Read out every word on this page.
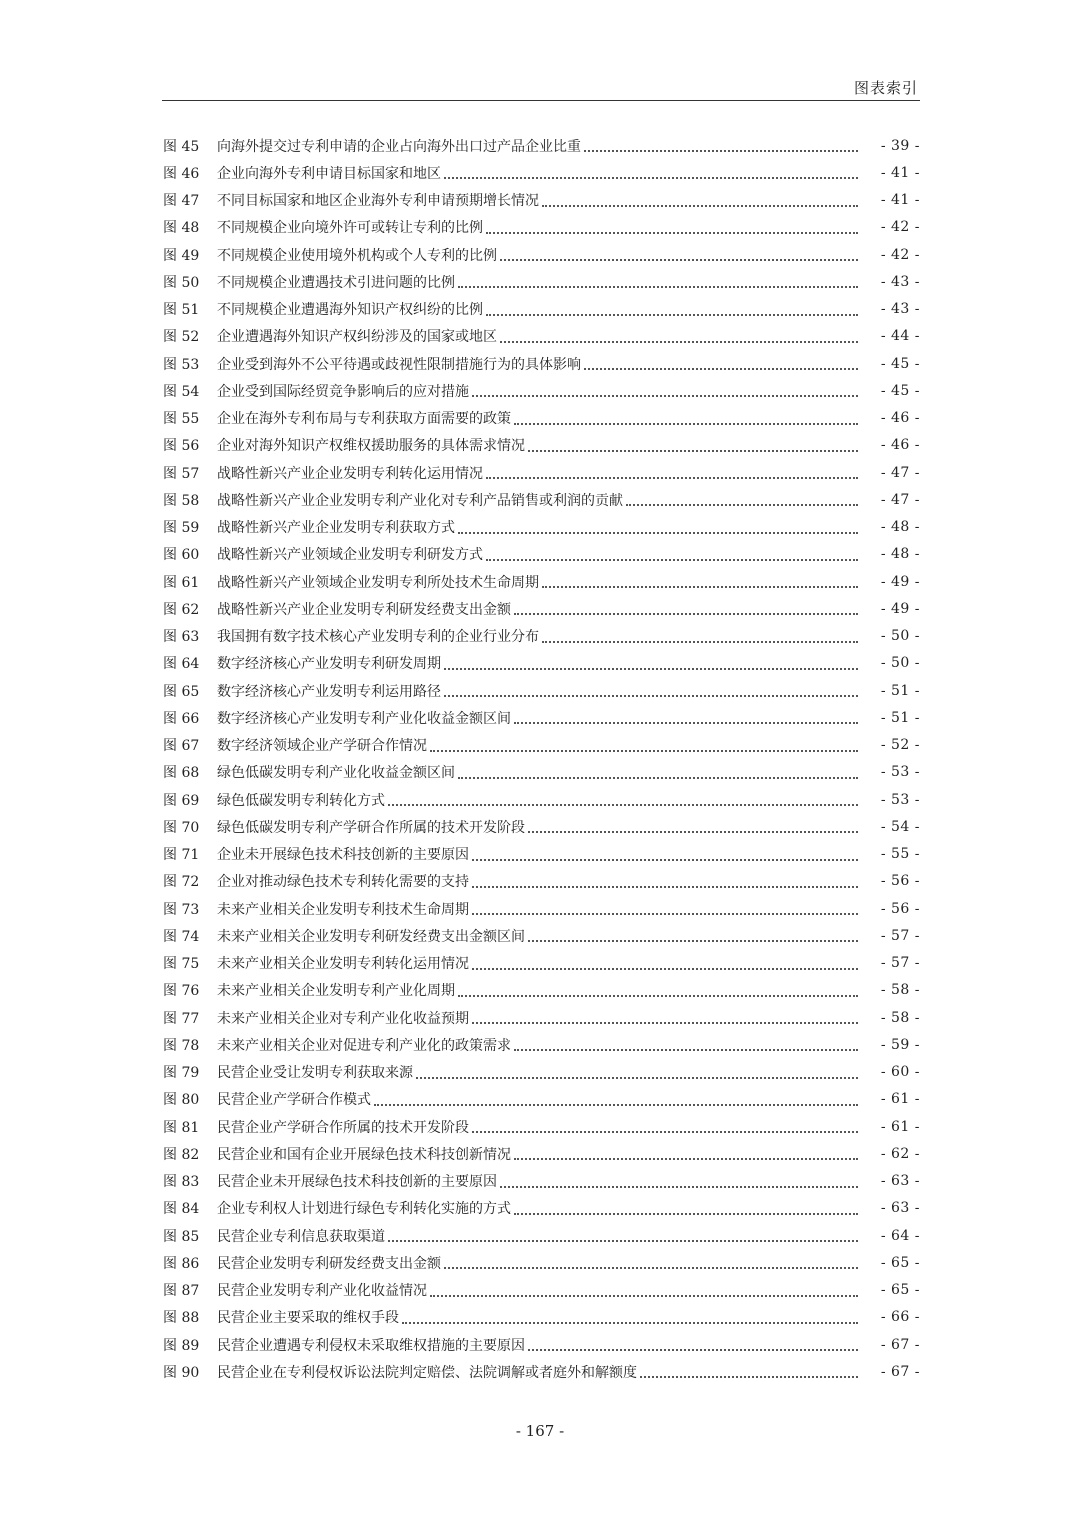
图表索引
图 45	向海外提交过专利申请的企业占向海外出口过产品企业比重	- 39 -
图 46	企业向海外专利申请目标国家和地区	- 41 -
图 47	不同目标国家和地区企业海外专利申请预期增长情况	- 41 -
图 48	不同规模企业向境外许可或转让专利的比例	- 42 -
图 49	不同规模企业使用境外机构或个人专利的比例	- 42 -
图 50	不同规模企业遭遇技术引进问题的比例	- 43 -
图 51	不同规模企业遭遇海外知识产权纠纷的比例	- 43 -
图 52	企业遭遇海外知识产权纠纷涉及的国家或地区	- 44 -
图 53	企业受到海外不公平待遇或歧视性限制措施行为的具体影响	- 45 -
图 54	企业受到国际经贸竞争影响后的应对措施	- 45 -
图 55	企业在海外专利布局与专利获取方面需要的政策	- 46 -
图 56	企业对海外知识产权维权援助服务的具体需求情况	- 46 -
图 57	战略性新兴产业企业发明专利转化运用情况	- 47 -
图 58	战略性新兴产业企业发明专利产业化对专利产品销售或利润的贡献	- 47 -
图 59	战略性新兴产业企业发明专利获取方式	- 48 -
图 60	战略性新兴产业领域企业发明专利研发方式	- 48 -
图 61	战略性新兴产业领域企业发明专利所处技术生命周期	- 49 -
图 62	战略性新兴产业企业发明专利研发经费支出金额	- 49 -
图 63	我国拥有数字技术核心产业发明专利的企业行业分布	- 50 -
图 64	数字经济核心产业发明专利研发周期	- 50 -
图 65	数字经济核心产业发明专利运用路径	- 51 -
图 66	数字经济核心产业发明专利产业化收益金额区间	- 51 -
图 67	数字经济领域企业产学研合作情况	- 52 -
图 68	绿色低碳发明专利产业化收益金额区间	- 53 -
图 69	绿色低碳发明专利转化方式	- 53 -
图 70	绿色低碳发明专利产学研合作所属的技术开发阶段	- 54 -
图 71	企业未开展绿色技术科技创新的主要原因	- 55 -
图 72	企业对推动绿色技术专利转化需要的支持	- 56 -
图 73	未来产业相关企业发明专利技术生命周期	- 56 -
图 74	未来产业相关企业发明专利研发经费支出金额区间	- 57 -
图 75	未来产业相关企业发明专利转化运用情况	- 57 -
图 76	未来产业相关企业发明专利产业化周期	- 58 -
图 77	未来产业相关企业对专利产业化收益预期	- 58 -
图 78	未来产业相关企业对促进专利产业化的政策需求	- 59 -
图 79	民营企业受让发明专利获取来源	- 60 -
图 80	民营企业产学研合作模式	- 61 -
图 81	民营企业产学研合作所属的技术开发阶段	- 61 -
图 82	民营企业和国有企业开展绿色技术科技创新情况	- 62 -
图 83	民营企业未开展绿色技术科技创新的主要原因	- 63 -
图 84	企业专利权人计划进行绿色专利转化实施的方式	- 63 -
图 85	民营企业专利信息获取渠道	- 64 -
图 86	民营企业发明专利研发经费支出金额	- 65 -
图 87	民营企业发明专利产业化收益情况	- 65 -
图 88	民营企业主要采取的维权手段	- 66 -
图 89	民营企业遭遇专利侵权未采取维权措施的主要原因	- 67 -
图 90	民营企业在专利侵权诉讼法院判定赔偿、法院调解或者庭外和解额度	- 67 -
- 167 -
